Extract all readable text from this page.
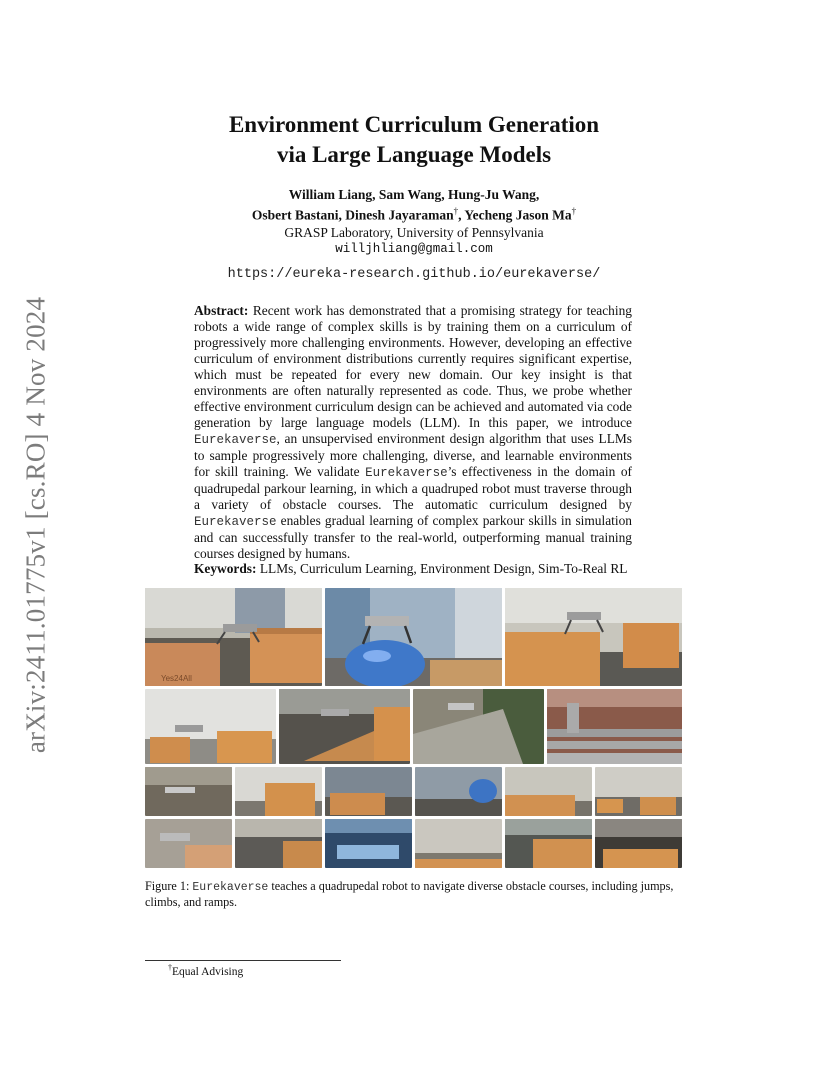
arXiv:2411.01775v1 [cs.RO] 4 Nov 2024
Environment Curriculum Generation
via Large Language Models
William Liang, Sam Wang, Hung-Ju Wang,
Osbert Bastani, Dinesh Jayaraman†, Yecheng Jason Ma†
GRASP Laboratory, University of Pennsylvania
willjhliang@gmail.com
https://eureka-research.github.io/eurekaverse/
Abstract: Recent work has demonstrated that a promising strategy for teaching robots a wide range of complex skills is by training them on a curriculum of progressively more challenging environments. However, developing an effective curriculum of environment distributions currently requires significant expertise, which must be repeated for every new domain. Our key insight is that environments are often naturally represented as code. Thus, we probe whether effective environment curriculum design can be achieved and automated via code generation by large language models (LLM). In this paper, we introduce Eurekaverse, an unsupervised environment design algorithm that uses LLMs to sample progressively more challenging, diverse, and learnable environments for skill training. We validate Eurekaverse’s effectiveness in the domain of quadrupedal parkour learning, in which a quadruped robot must traverse through a variety of obstacle courses. The automatic curriculum designed by Eurekaverse enables gradual learning of complex parkour skills in simulation and can successfully transfer to the real-world, outperforming manual training courses designed by humans.
Keywords: LLMs, Curriculum Learning, Environment Design, Sim-To-Real RL
Yes24All
Figure 1: Eurekaverse teaches a quadrupedal robot to navigate diverse obstacle courses, including jumps, climbs, and ramps.
†Equal Advising
